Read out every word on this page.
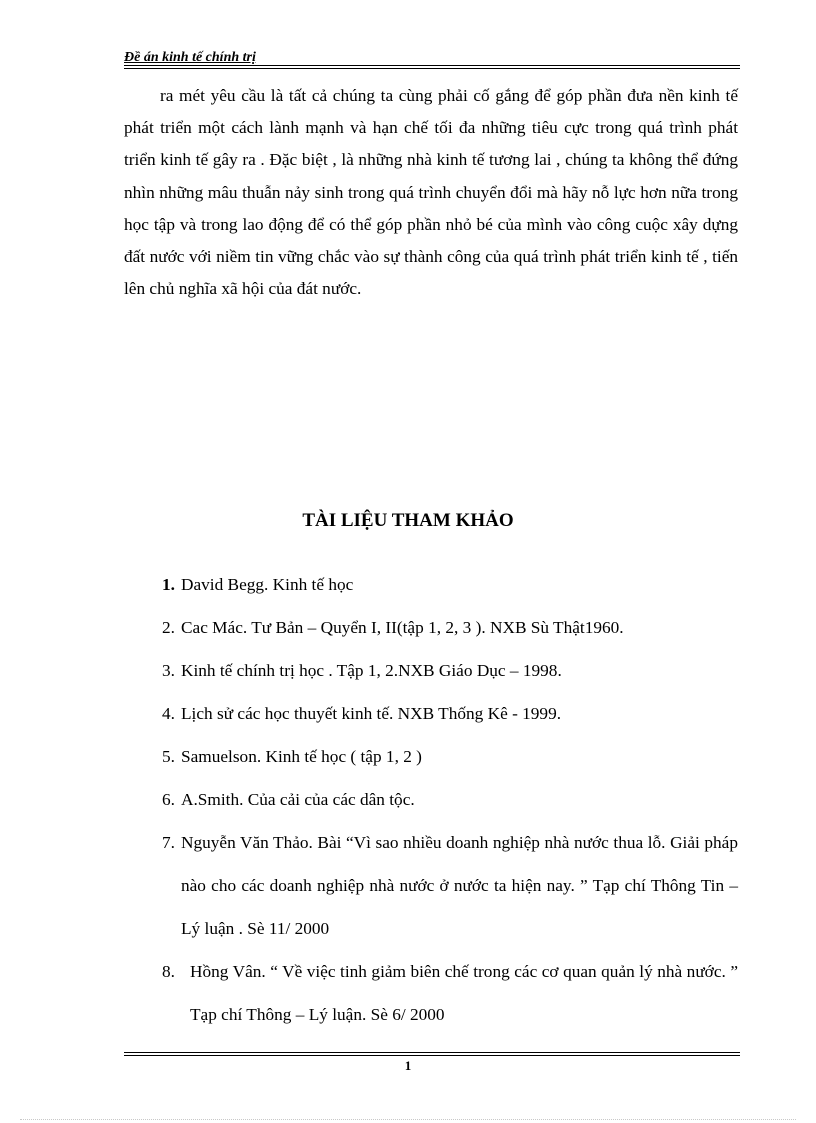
Đề án kinh tế chính trị

ra mét yêu cầu là tất cả chúng ta cùng phải cố gắng để góp phần đưa nền kinh tế phát triển một cách lành mạnh và hạn chế tối đa những tiêu cực trong quá trình phát triển kinh tế gây ra . Đặc biệt , là những nhà kinh tế tương lai , chúng ta không thể đứng nhìn những mâu thuẫn nảy sinh trong quá trình chuyển đổi mà hãy nỗ lực hơn nữa trong học tập và trong lao động để có thể góp phần nhỏ bé của mình vào công cuộc xây dựng đất nước với niềm tin vững chắc vào sự thành công của quá trình phát triển kinh tế , tiến lên chủ nghĩa xã hội của đát nước.

TÀI LIỆU THAM KHẢO
1. David Begg. Kinh tế học
2. Cac Mác. Tư Bản – Quyển I, II(tập 1, 2, 3 ). NXB Sù Thật1960.
3. Kinh tế chính trị học . Tập 1, 2.NXB Giáo Dục – 1998.
4. Lịch sử các học thuyết kinh tế. NXB Thống Kê - 1999.
5. Samuelson. Kinh tế học ( tập 1, 2 )
6. A.Smith. Của cải của các dân tộc.
7. Nguyễn Văn Thảo. Bài “Vì sao nhiều doanh nghiệp nhà nước thua lỗ. Giải pháp nào cho các doanh nghiệp nhà nước ở nước ta hiện nay. ” Tạp chí Thông Tin – Lý luận . Sè 11/ 2000
8. Hồng Vân. “ Về việc tinh giảm biên chế trong các cơ quan quản lý nhà nước. ” Tạp chí Thông – Lý luận. Sè 6/ 2000
1
